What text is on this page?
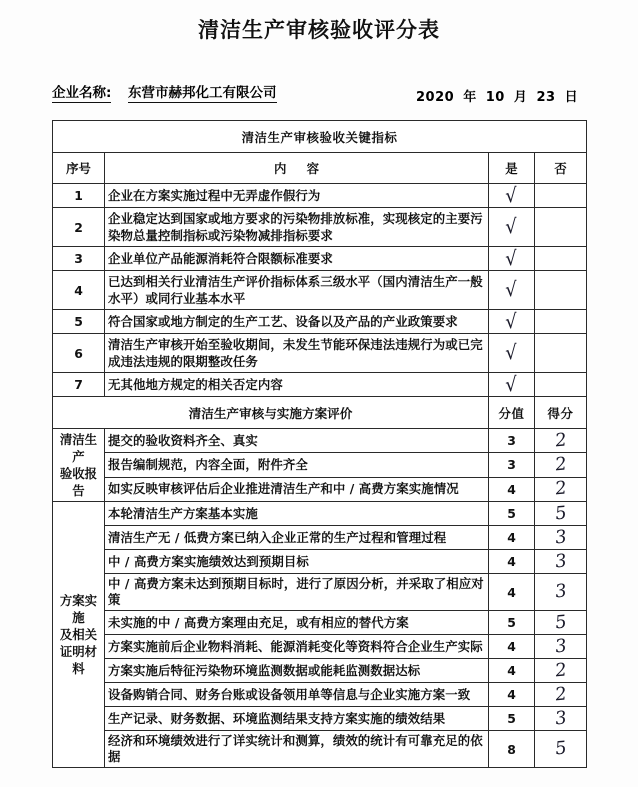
清洁生产审核验收评分表
企业名称: 东营市赫邦化工有限公司	2020 年 10 月 23 日
清洁生产审核验收关键指标			
序号	内 容	是	否
1	企业在方案实施过程中无弄虚作假行为	√	
2	企业稳定达到国家或地方要求的污染物排放标准，实现核定的主要污染物总量控制指标或污染物减排指标要求	√	
3	企业单位产品能源消耗符合限额标准要求	√	
4	已达到相关行业清洁生产评价指标体系三级水平（国内清洁生产一般水平）或同行业基本水平	√	
5	符合国家或地方制定的生产工艺、设备以及产品的产业政策要求	√	
6	清洁生产审核开始至验收期间，未发生节能环保违法违规行为或已完成违法违规的限期整改任务	√	
7	无其他地方规定的相关否定内容	√	
清洁生产审核与实施方案评价		分值	得分

清洁生产
验收报告	提交的验收资料齐全、真实	3	2
	报告编制规范，内容全面，附件齐全	3	2
	如实反映审核评估后企业推进清洁生产和中 / 高费方案实施情况	4	2

方案实施
及相关
证明材料	本轮清洁生产方案基本实施	5	5
	清洁生产无 / 低费方案已纳入企业正常的生产过程和管理过程	4	3
	中 / 高费方案实施绩效达到预期目标	4	3
	中 / 高费方案未达到预期目标时，进行了原因分析，并采取了相应对策	4	3
	未实施的中 / 高费方案理由充足，或有相应的替代方案	5	5
	方案实施前后企业物料消耗、能源消耗变化等资料符合企业生产实际	4	3
	方案实施后特征污染物环境监测数据或能耗监测数据达标	4	2
	设备购销合同、财务台账或设备领用单等信息与企业实施方案一致	4	2
	生产记录、财务数据、环境监测结果支持方案实施的绩效结果	5	3
	经济和环境绩效进行了详实统计和测算，绩效的统计有可靠充足的依据	8	5
